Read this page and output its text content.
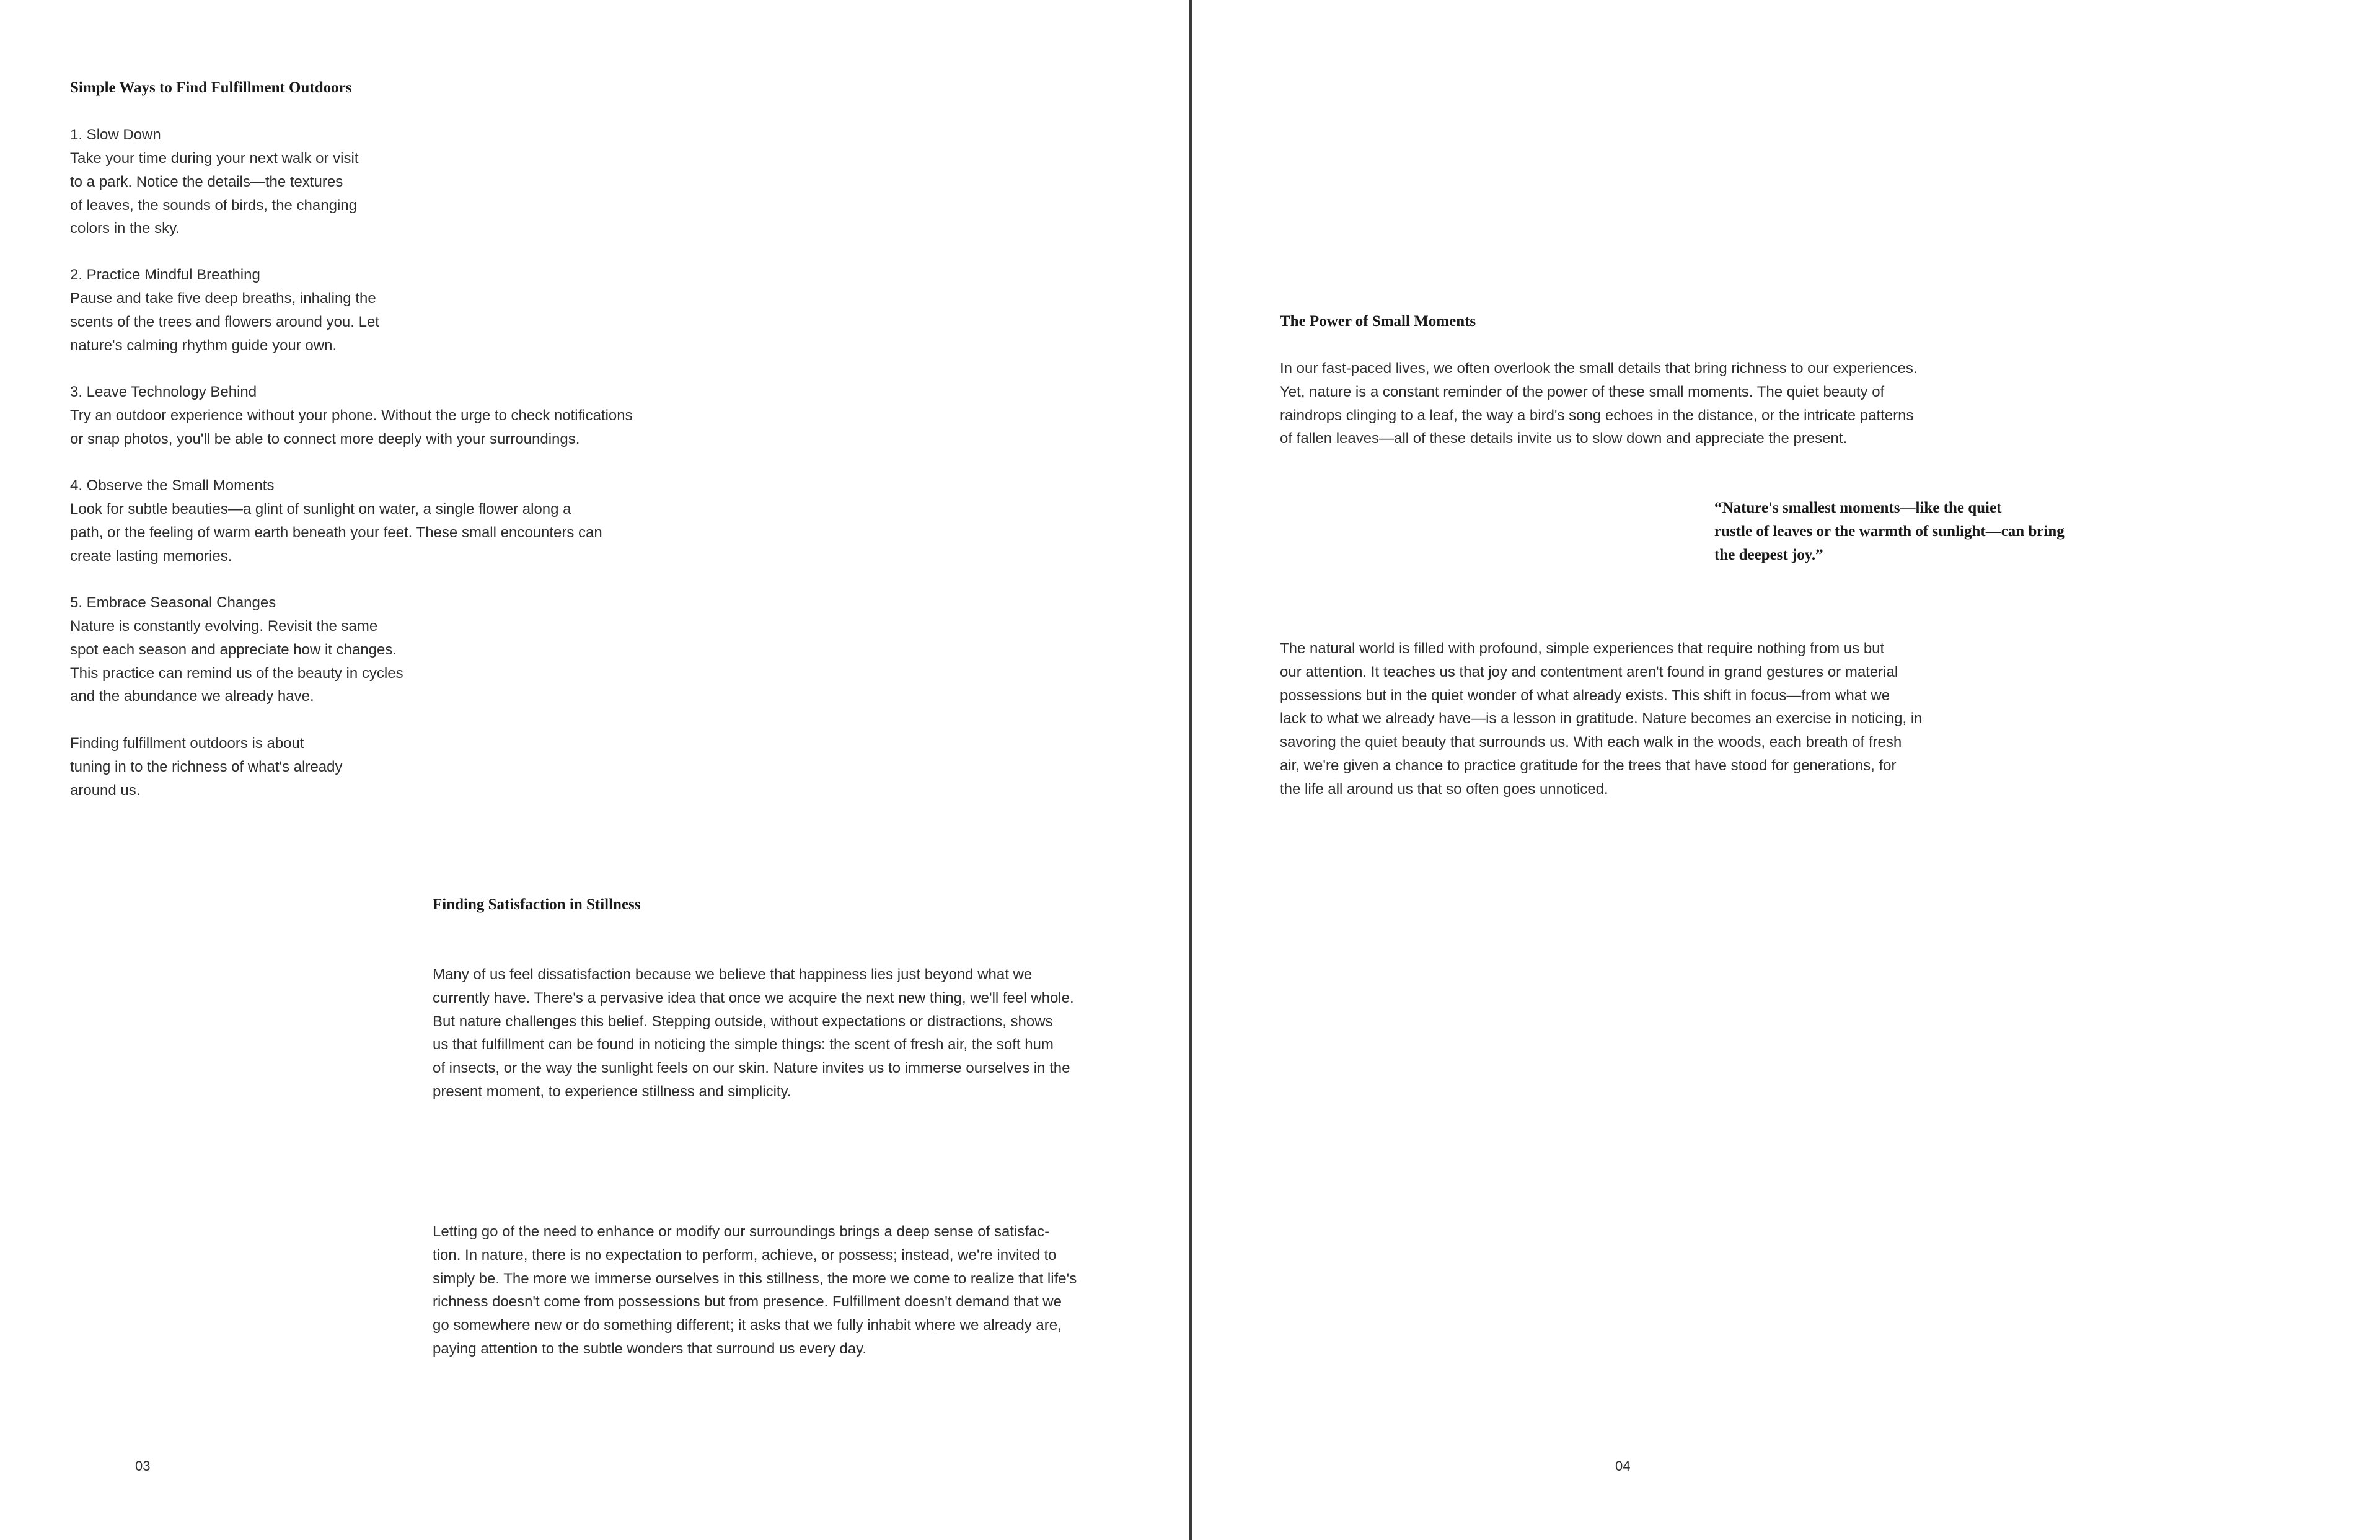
Simple Ways to Find Fulfillment Outdoors

1. Slow Down

Take your time during your next walk or visit
to a park. Notice the details—the textures
of leaves, the sounds of birds, the changing
colors in the sky.

2. Practice Mindful Breathing

Pause and take five deep breaths, inhaling the
scents of the trees and flowers around you. Let
nature's calming rhythm guide your own.

3. Leave Technology Behind

Try an outdoor experience without your phone. Without the urge to check notifications
or snap photos, you'll be able to connect more deeply with your surroundings.

4. Observe the Small Moments

Look for subtle beauties—a glint of sunlight on water, a single flower along a
path, or the feeling of warm earth beneath your feet. These small encounters can
create lasting memories.

5. Embrace Seasonal Changes

Nature is constantly evolving. Revisit the same
spot each season and appreciate how it changes.
This practice can remind us of the beauty in cycles
and the abundance we already have.

Finding fulfillment outdoors is about
tuning in to the richness of what's already
around us.

Finding Satisfaction in Stillness

Many of us feel dissatisfaction because we believe that happiness lies just beyond what we
currently have. There's a pervasive idea that once we acquire the next new thing, we'll feel whole.
But nature challenges this belief. Stepping outside, without expectations or distractions, shows
us that fulfillment can be found in noticing the simple things: the scent of fresh air, the soft hum
of insects, or the way the sunlight feels on our skin. Nature invites us to immerse ourselves in the
present moment, to experience stillness and simplicity.

Letting go of the need to enhance or modify our surroundings brings a deep sense of satisfac-
tion. In nature, there is no expectation to perform, achieve, or possess; instead, we're invited to
simply be. The more we immerse ourselves in this stillness, the more we come to realize that life's
richness doesn't come from possessions but from presence. Fulfillment doesn't demand that we
go somewhere new or do something different; it asks that we fully inhabit where we already are,
paying attention to the subtle wonders that surround us every day.

03

The Power of Small Moments

In our fast-paced lives, we often overlook the small details that bring richness to our experiences.
Yet, nature is a constant reminder of the power of these small moments. The quiet beauty of
raindrops clinging to a leaf, the way a bird's song echoes in the distance, or the intricate patterns
of fallen leaves—all of these details invite us to slow down and appreciate the present.

“Nature's smallest moments—like the quiet
rustle of leaves or the warmth of sunlight—can bring
the deepest joy.”

The natural world is filled with profound, simple experiences that require nothing from us but
our attention. It teaches us that joy and contentment aren't found in grand gestures or material
possessions but in the quiet wonder of what already exists. This shift in focus—from what we
lack to what we already have—is a lesson in gratitude. Nature becomes an exercise in noticing, in
savoring the quiet beauty that surrounds us. With each walk in the woods, each breath of fresh
air, we're given a chance to practice gratitude for the trees that have stood for generations, for
the life all around us that so often goes unnoticed.

04
